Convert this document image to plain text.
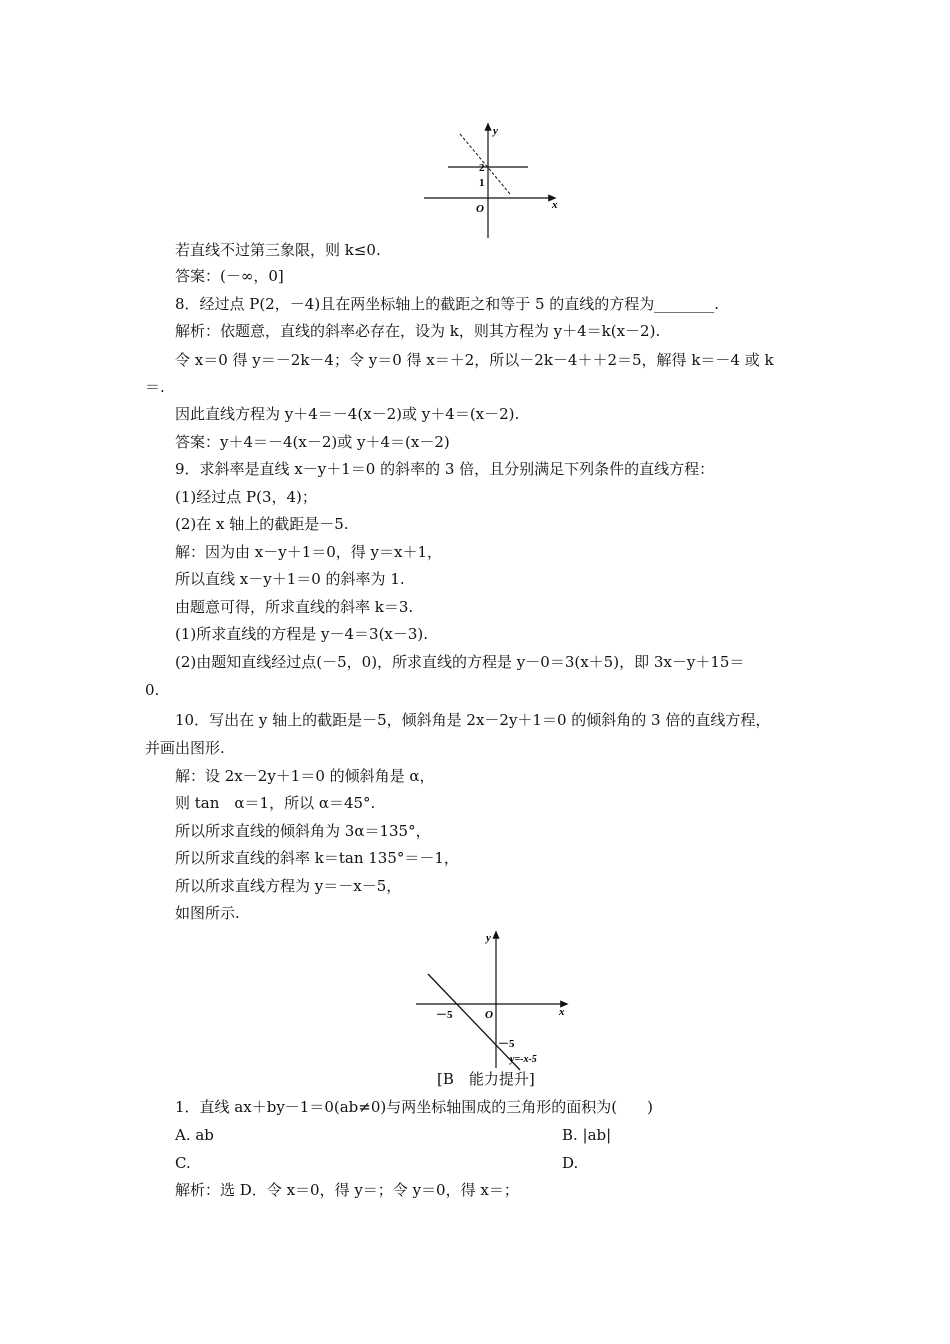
y
x
O
2
1
若直线不过第三象限，则 k≤0.
答案：(－∞，0]
8．经过点 P(2，－4)且在两坐标轴上的截距之和等于 5 的直线的方程为________.
解析：依题意，直线的斜率必存在，设为 k，则其方程为 y＋4＝k(x－2).
令 x＝0 得 y＝－2k－4；令 y＝0 得 x＝＋2，所以－2k－4＋＋2＝5，解得 k＝－4 或 k
＝.
因此直线方程为 y＋4＝－4(x－2)或 y＋4＝(x－2).
答案：y＋4＝－4(x－2)或 y＋4＝(x－2)
9．求斜率是直线 x－y＋1＝0 的斜率的 3 倍，且分别满足下列条件的直线方程：
(1)经过点 P(3，4)；
(2)在 x 轴上的截距是－5.
解：因为由 x－y＋1＝0，得 y＝x＋1，
所以直线 x－y＋1＝0 的斜率为 1.
由题意可得，所求直线的斜率 k＝3.
(1)所求直线的方程是 y－4＝3(x－3).
(2)由题知直线经过点(－5，0)，所求直线的方程是 y－0＝3(x＋5)，即 3x－y＋15＝
0.
10．写出在 y 轴上的截距是－5，倾斜角是 2x－2y＋1＝0 的倾斜角的 3 倍的直线方程，
并画出图形.
解：设 2x－2y＋1＝0 的倾斜角是 α，
则 tan　α＝1，所以 α＝45°.
所以所求直线的倾斜角为 3α＝135°，
所以所求直线的斜率 k＝tan 135°＝－1，
所以所求直线方程为 y＝－x－5，
如图所示.
y
x
O
－5
－5
y=-x-5
[B　能力提升]
1．直线 ax＋by－1＝0(ab≠0)与两坐标轴围成的三角形的面积为(　　)
A. ab	B. |ab|
C.	D.
解析：选 D．令 x＝0，得 y＝；令 y＝0，得 x＝；
